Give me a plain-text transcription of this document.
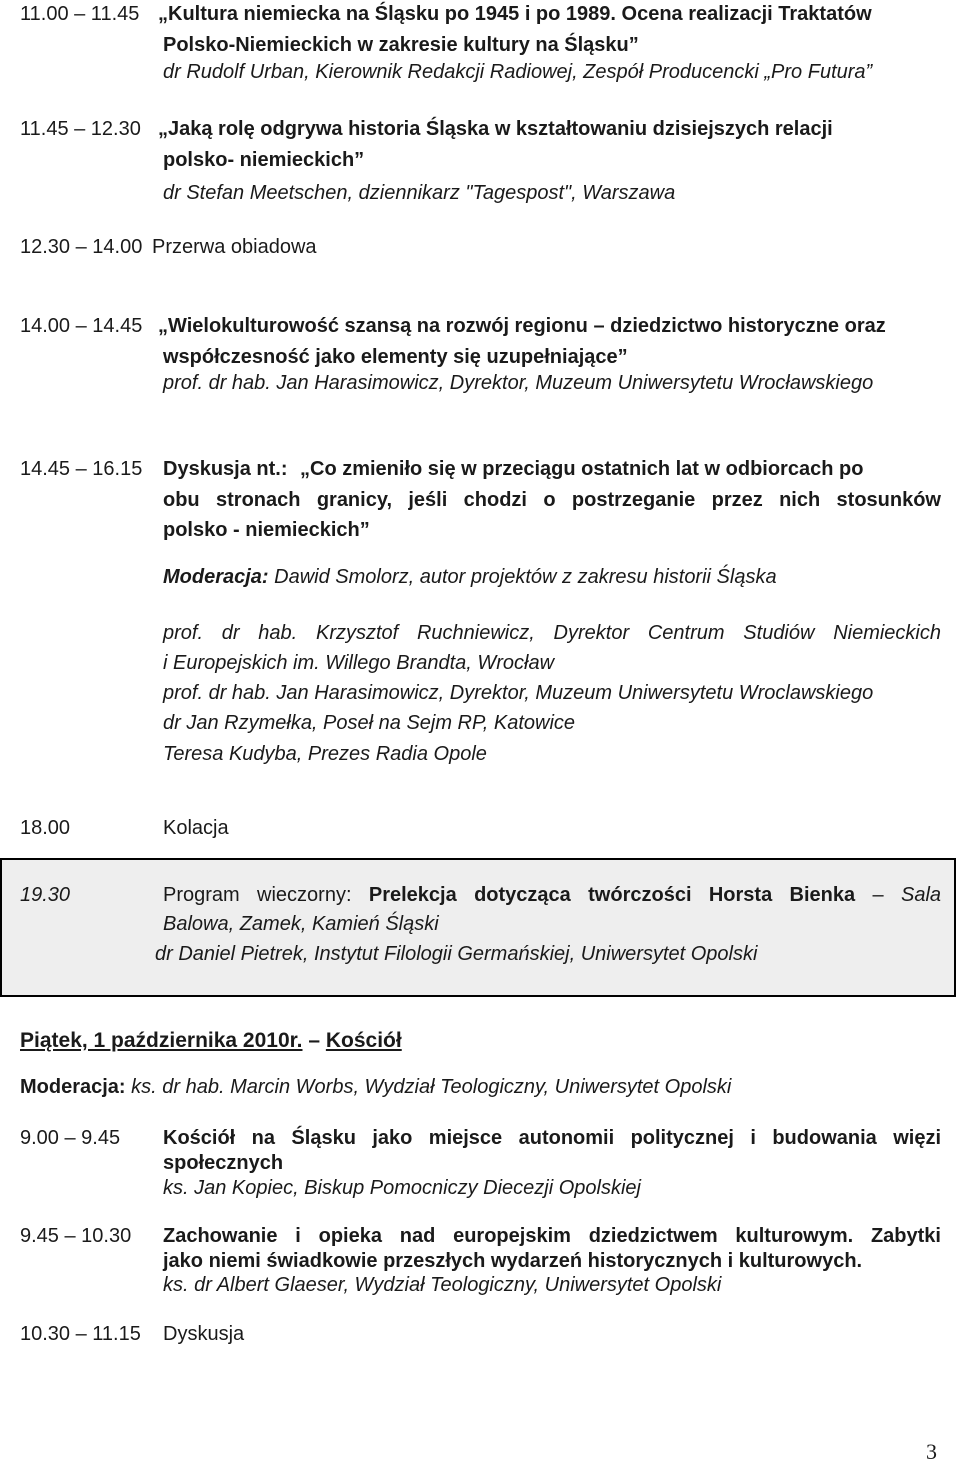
11.00 – 11.45 „Kultura niemiecka na Śląsku po 1945 i po 1989. Ocena realizacji Traktatów
Polsko-Niemieckich w zakresie kultury na Śląsku”
dr Rudolf Urban, Kierownik Redakcji Radiowej, Zespół Producencki „Pro Futura”
11.45 – 12.30 „Jaką rolę odgrywa historia Śląska w kształtowaniu dzisiejszych relacji
polsko- niemieckich”
dr Stefan Meetschen, dziennikarz "Tagespost", Warszawa
12.30 – 14.00 Przerwa obiadowa
14.00 – 14.45 „Wielokulturowość szansą na rozwój regionu – dziedzictwo historyczne oraz
współczesność jako elementy się uzupełniające”
prof. dr hab. Jan Harasimowicz, Dyrektor, Muzeum Uniwersytetu Wrocławskiego
14.45 – 16.15 Dyskusja nt.: „Co zmieniło się w przeciągu ostatnich lat w odbiorcach po
obu stronach granicy, jeśli chodzi o postrzeganie przez nich stosunków
polsko - niemieckich”
Moderacja: Dawid Smolorz, autor projektów z zakresu historii Śląska
prof. dr hab. Krzysztof Ruchniewicz, Dyrektor Centrum Studiów Niemieckich
i Europejskich im. Willego Brandta, Wrocław
prof. dr hab. Jan Harasimowicz, Dyrektor, Muzeum Uniwersytetu Wroclawskiego
dr Jan Rzymełka, Poseł na Sejm RP, Katowice
Teresa Kudyba, Prezes Radia Opole
18.00	Kolacja
19.30	Program wieczorny: Prelekcja dotycząca twórczości Horsta Bienka – Sala
Balowa, Zamek, Kamień Śląski
dr Daniel Pietrek, Instytut Filologii Germańskiej, Uniwersytet Opolski
Piątek, 1 października 2010r. – Kościół
Moderacja: ks. dr hab. Marcin Worbs, Wydział Teologiczny, Uniwersytet Opolski
9.00 – 9.45 Kościół na Śląsku jako miejsce autonomii politycznej i budowania więzi
społecznych
ks. Jan Kopiec, Biskup Pomocniczy Diecezji Opolskiej
9.45 – 10.30 Zachowanie i opieka nad europejskim dziedzictwem kulturowym. Zabytki
jako niemi świadkowie przeszłych wydarzeń historycznych i kulturowych.
ks. dr Albert Glaeser, Wydział Teologiczny, Uniwersytet Opolski
10.30 – 11.15 Dyskusja
3
